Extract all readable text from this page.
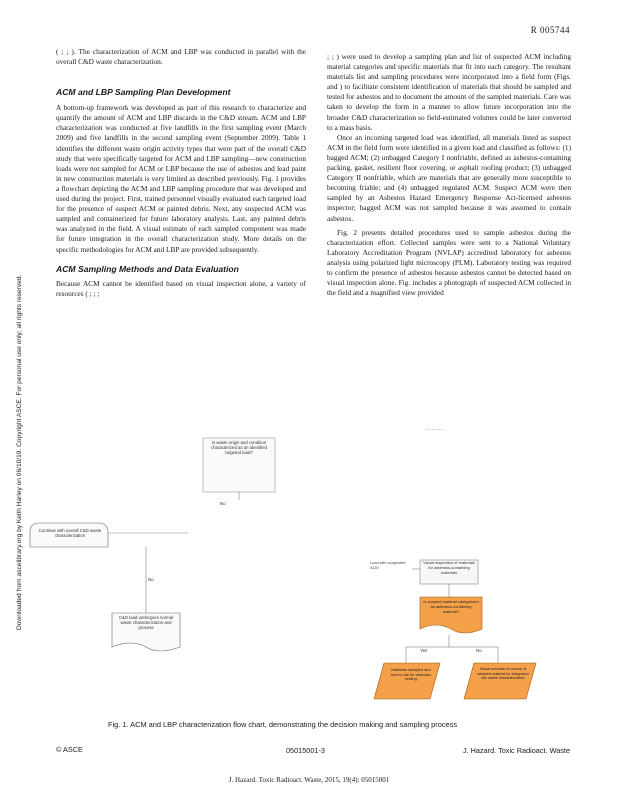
R 005744
Downloaded from ascelibrary.org by Keith Harley on 06/10/19. Copyright ASCE. For personal use only; all rights reserved.

( ; ; ). The characterization of ACM and LBP was conducted in parallel with the overall C&D waste characterization.

ACM and LBP Sampling Plan Development

A bottom-up framework was developed as part of this research to characterize and quantify the amount of ACM and LBP discards in the C&D stream. ACM and LBP characterization was conducted at five landfills in the first sampling event (March 2009) and five landfills in the second sampling event (September 2009). Table 1 identifies the different waste origin activity types that were part of the overall C&D study that were specifically targeted for ACM and LBP sampling—new construction loads were not sampled for ACM or LBP because the use of asbestos and lead paint in new construction materials is very limited as described previously. Fig. 1 provides a flowchart depicting the ACM and LBP sampling procedure that was developed and used during the project. First, trained personnel visually evaluated each targeted load for the presence of suspect ACM or painted debris. Next, any suspected ACM was sampled and containerized for future laboratory analysis. Last, any painted debris was analyzed in the field. A visual estimate of each sampled component was made for future integration in the overall characterization study. More details on the specific methodologies for ACM and LBP are provided subsequently.

ACM Sampling Methods and Data Evaluation

Because ACM cannot be identified based on visual inspection alone, a variety of resources ( ; ; ;

; ; ) were used to develop a sampling plan and list of suspected ACM including material categories and specific materials that fit into each category. The resultant materials list and sampling procedures were incorporated into a field form (Figs. and ) to facilitate consistent identification of materials that should be sampled and tested for asbestos and to document the amount of the sampled materials. Care was taken to develop the form in a manner to allow future incorporation into the broader C&D characterization so field-estimated volumes could be later converted to a mass basis.

Once an incoming targeted load was identified, all materials listed as suspect ACM in the field form were identified in a given load and classified as follows: (1) bagged ACM; (2) unbagged Category I nonfriable, defined as asbestos-containing packing, gasket, resilient floor covering, or asphalt roofing product; (3) unbagged Category II nonfriable, which are materials that are generally more susceptible to becoming friable; and (4) unbagged regulated ACM. Suspect ACM were then sampled by an Asbestos Hazard Emergency Response Act-licensed asbestos inspector; bagged ACM was not sampled because it was assumed to contain asbestos.

Fig. 2 presents detailed procedures used to sample asbestos during the characterization effort. Collected samples were sent to a National Voluntary Laboratory Accreditation Program (NVLAP) accredited laboratory for asbestos analysis using polarized light microscopy (PLM). Laboratory testing was required to confirm the presence of asbestos because asbestos cannot be detected based on visual inspection alone. Fig. includes a photograph of suspected ACM collected in the field and a magnified view provided

- - - - - -
Is waste origin and condition characterized as an identified targeted load?
No
Continue with overall C&D waste characterization
No
C&D load undergoes normal waste characterization and process
Load with suspected ACM
Visual inspection of materials for asbestos-containing materials
Is suspect material categorized as asbestos-containing material?
Yes	No
Materials sampled and sent to lab for asbestos testing
Visual estimate of volume of sampled material for integration into waste characterization
Fig. 1. ACM and LBP characterization flow chart, demonstrating the decision making and sampling process
© ASCE	05015001-3	J. Hazard. Toxic Radioact. Waste
J. Hazard. Toxic Radioact. Waste, 2015, 19(4): 05015001
